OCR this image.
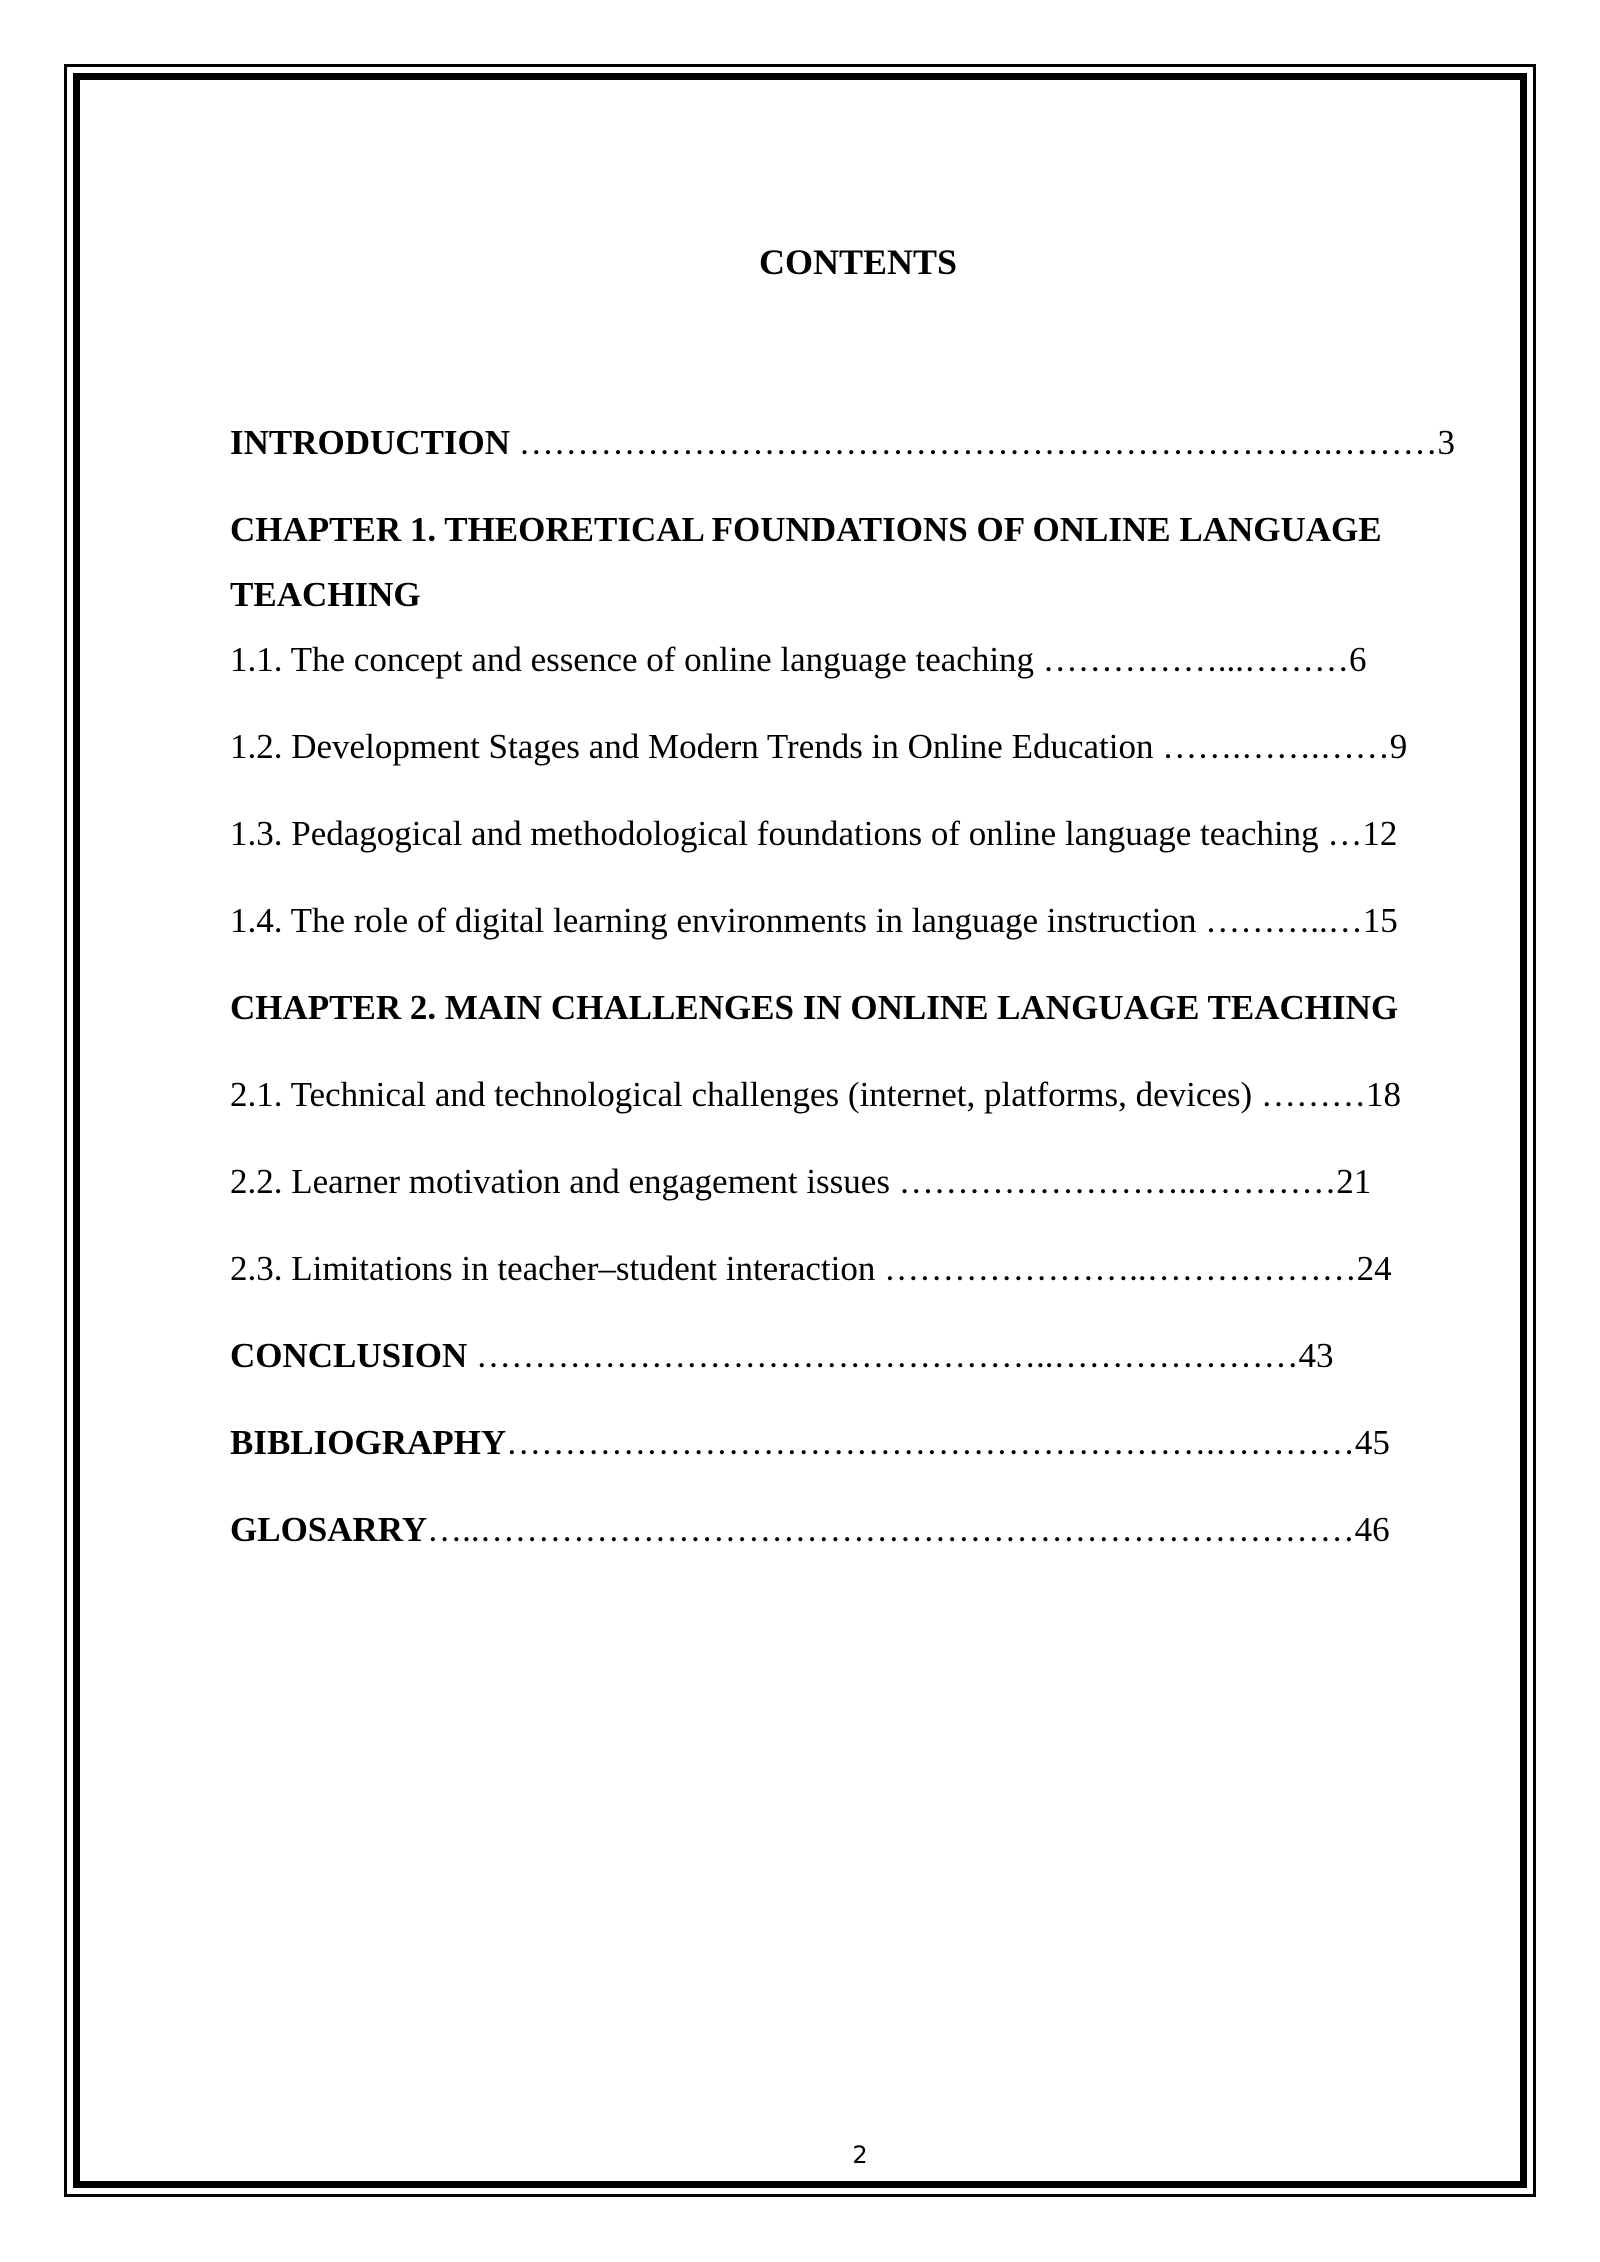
CONTENTS
INTRODUCTION …………………………………………………………….………3
CHAPTER 1. THEORETICAL FOUNDATIONS OF ONLINE LANGUAGE TEACHING
1.1. The concept and essence of online language teaching ……………...………6
1.2. Development Stages and Modern Trends in Online Education …….…….……9
1.3. Pedagogical and methodological foundations of online language teaching …12
1.4. The role of digital learning environments in language instruction ………..…15
CHAPTER 2. MAIN CHALLENGES IN ONLINE LANGUAGE TEACHING
2.1. Technical and technological challenges (internet, platforms, devices) ………18
2.2. Learner motivation and engagement issues ……………………..…………21
2.3. Limitations in teacher–student interaction …………………..………………24
CONCLUSION …………………………………………..…………………43
BIBLIOGRAPHY…………………………………………………….…………45
GLOSARRY…..…………………………………………………………………46
2
